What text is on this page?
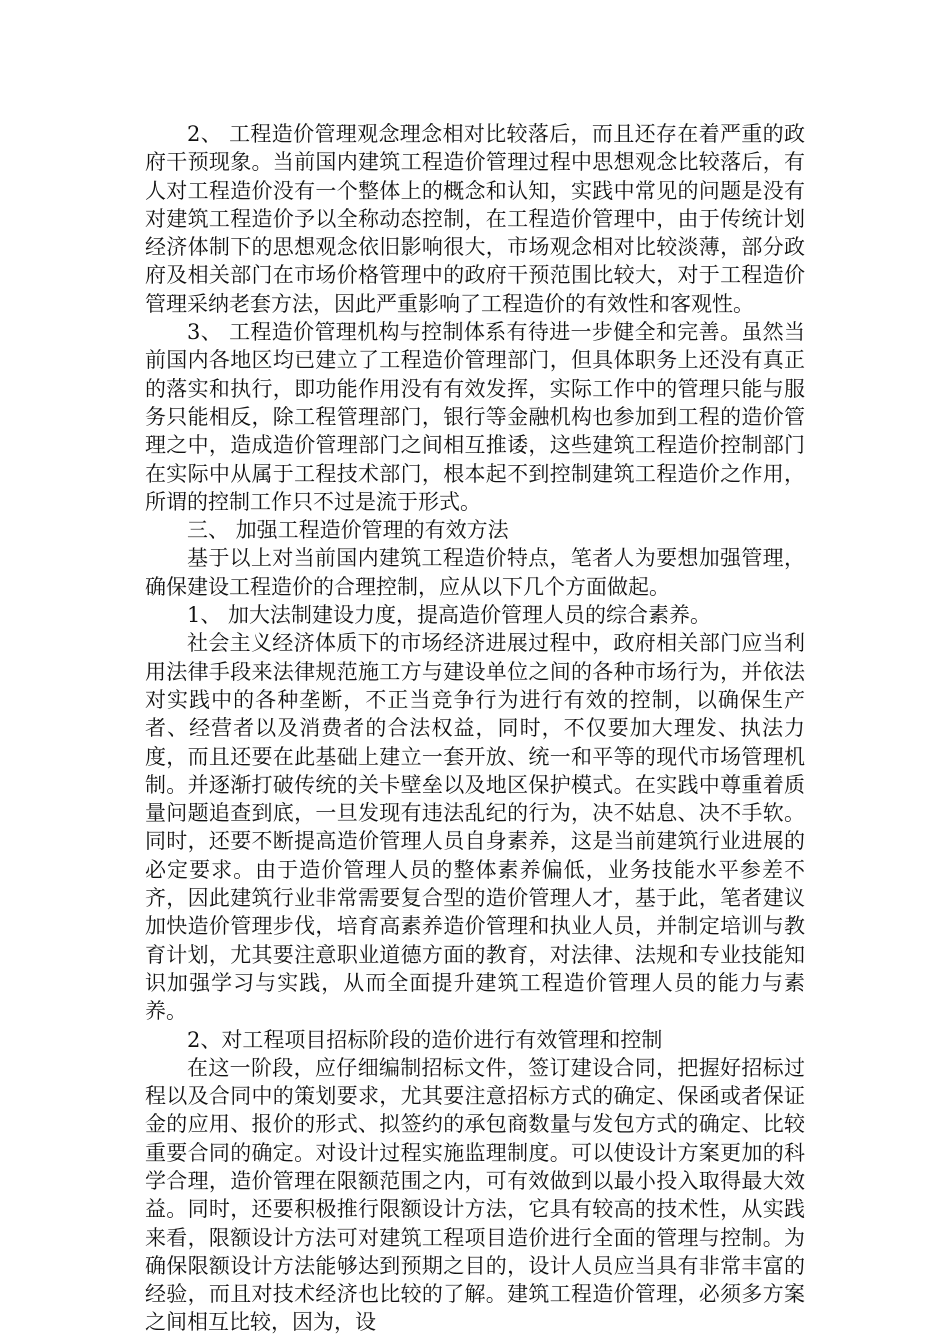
2、 工程造价管理观念理念相对比较落后，而且还存在着严重的政府干预现象。当前国内建筑工程造价管理过程中思想观念比较落后，有人对工程造价没有一个整体上的概念和认知，实践中常见的问题是没有对建筑工程造价予以全称动态控制，在工程造价管理中，由于传统计划经济体制下的思想观念依旧影响很大，市场观念相对比较淡薄，部分政府及相关部门在市场价格管理中的政府干预范围比较大，对于工程造价管理采纳老套方法，因此严重影响了工程造价的有效性和客观性。

3、 工程造价管理机构与控制体系有待进一步健全和完善。虽然当前国内各地区均已建立了工程造价管理部门，但具体职务上还没有真正的落实和执行，即功能作用没有有效发挥，实际工作中的管理只能与服务只能相反，除工程管理部门，银行等金融机构也参加到工程的造价管理之中，造成造价管理部门之间相互推诿，这些建筑工程造价控制部门在实际中从属于工程技术部门，根本起不到控制建筑工程造价之作用，所谓的控制工作只不过是流于形式。

三、 加强工程造价管理的有效方法

基于以上对当前国内建筑工程造价特点，笔者人为要想加强管理，确保建设工程造价的合理控制，应从以下几个方面做起。

1、 加大法制建设力度，提高造价管理人员的综合素养。

社会主义经济体质下的市场经济进展过程中，政府相关部门应当利用法律手段来法律规范施工方与建设单位之间的各种市场行为，并依法对实践中的各种垄断，不正当竞争行为进行有效的控制，以确保生产者、经营者以及消费者的合法权益，同时，不仅要加大理发、执法力度，而且还要在此基础上建立一套开放、统一和平等的现代市场管理机制。并逐渐打破传统的关卡壁垒以及地区保护模式。在实践中尊重着质量问题追查到底，一旦发现有违法乱纪的行为，决不姑息、决不手软。同时，还要不断提高造价管理人员自身素养，这是当前建筑行业进展的必定要求。由于造价管理人员的整体素养偏低，业务技能水平参差不齐，因此建筑行业非常需要复合型的造价管理人才，基于此，笔者建议加快造价管理步伐，培育高素养造价管理和执业人员，并制定培训与教育计划，尤其要注意职业道德方面的教育，对法律、法规和专业技能知识加强学习与实践，从而全面提升建筑工程造价管理人员的能力与素养。

2、对工程项目招标阶段的造价进行有效管理和控制

在这一阶段，应仔细编制招标文件，签订建设合同，把握好招标过程以及合同中的策划要求，尤其要注意招标方式的确定、保函或者保证金的应用、报价的形式、拟签约的承包商数量与发包方式的确定、比较重要合同的确定。对设计过程实施监理制度。可以使设计方案更加的科学合理，造价管理在限额范围之内，可有效做到以最小投入取得最大效益。同时，还要积极推行限额设计方法，它具有较高的技术性，从实践来看，限额设计方法可对建筑工程项目造价进行全面的管理与控制。为确保限额设计方法能够达到预期之目的，设计人员应当具有非常丰富的经验，而且对技术经济也比较的了解。建筑工程造价管理，必须多方案之间相互比较，因为，设
